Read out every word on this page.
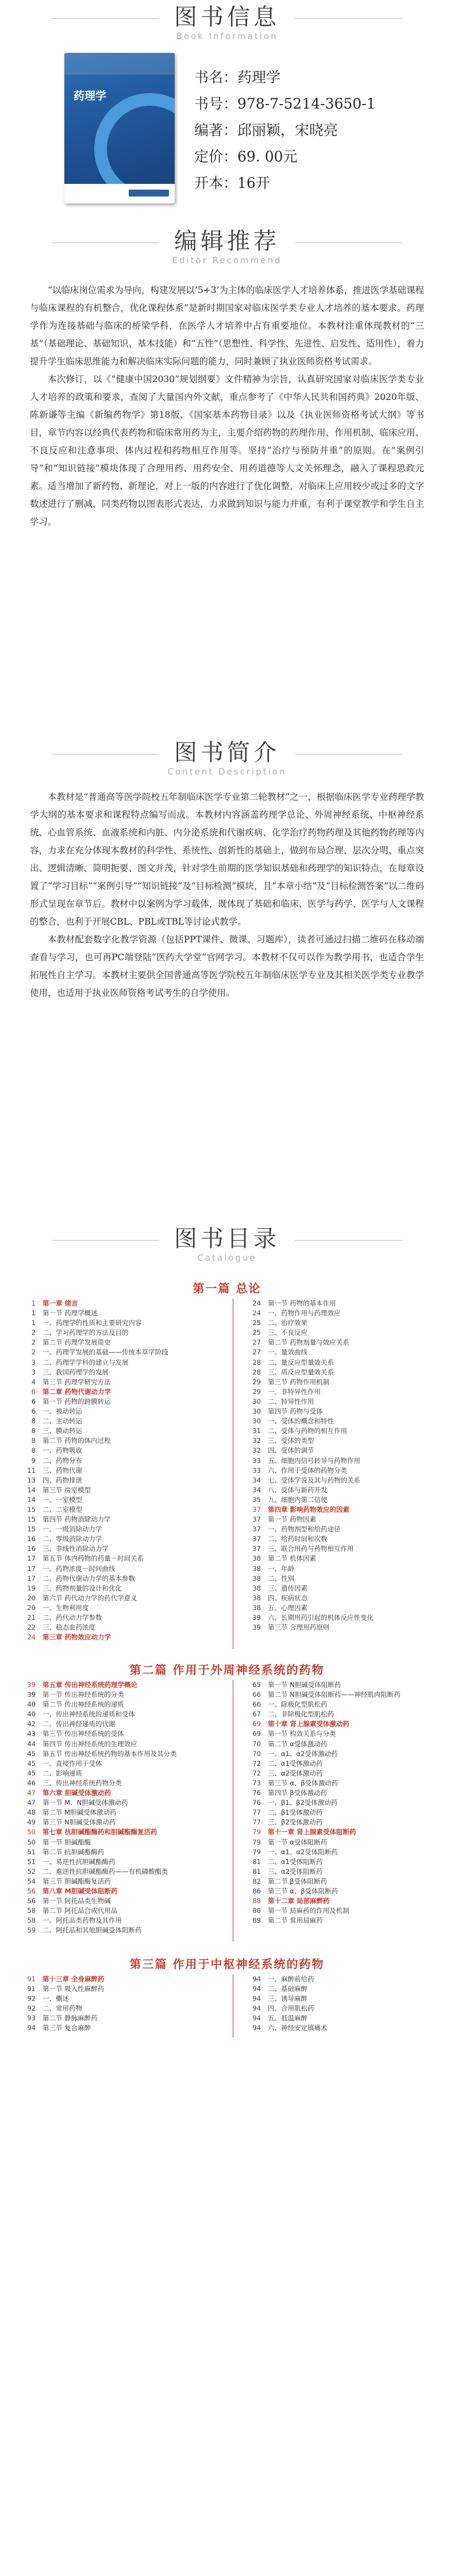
图书信息
Book Information
药理学
书名：药理学
书号：978-7-5214-3650-1
编著：邱丽颖，宋晓亮
定价：69. 00元
开本：16开
编辑推荐
Editor Recommend

“以临床岗位需求为导向，构建发展以‘5+3’为主体的临床医学人才培养体系，推进医学基础课程与临床课程的有机整合，优化课程体系”是新时期国家对临床医学类专业人才培养的基本要求。药理学作为连接基础与临床的桥梁学科，在医学人才培养中占有重要地位。本教材注重体现教材的“三基”（基础理论、基础知识、基本技能）和“五性”（思想性、科学性、先进性、启发性、适用性），着力提升学生临床思维能力和解决临床实际问题的能力，同时兼顾了执业医师资格考试需求。

本次修订，以《“健康中国2030”规划纲要》文件精神为宗旨，认真研究国家对临床医学类专业人才培养的政策和要求，查阅了大量国内外文献，重点参考了《中华人民共和国药典》2020年版、陈新谦等主编《新编药物学》第18版、《国家基本药物目录》以及《执业医师资格考试大纲》等书目，章节内容以经典代表药物和临床常用药为主，主要介绍药物的药理作用、作用机制、临床应用、不良反应和注意事项、体内过程和药物相互作用等。坚持“治疗与预防并重”的原则。在“案例引导”和“知识链接”模块体现了合理用药、用药安全、用药道德等人文关怀理念，融入了课程思政元素。适当增加了新药物、新理论，对上一版的内容进行了优化调整，对临床上应用较少或过多的文字数述进行了删减，同类药物以图表形式表达，力求做到知识与能力并重，有利于课堂教学和学生自主学习。

图书简介
Content Description

本教材是“普通高等医学院校五年制临床医学专业第二轮教材”之一，根据临床医学专业药理学教学大纲的基本要求和课程特点编写而成。本教材内容涵盖药理学总论、外周神经系统、中枢神经系统、心血管系统、血液系统和内脏、内分泌系统和代谢疾病、化学治疗药物药理及其他药物药理等内容，力求在充分体现本教材的科学性、系统性、创新性的基础上，做到布局合理、层次分明、重点突出、逻辑清晰、简明扼要、图文并茂，针对学生前期的医学知识基础和药理学的知识特点，在每章设置了“学习目标”“案例引导”“知识链接”及“目标检测”模块，且“本章小结”及“目标检测答案”以二维码形式呈现在章节后。教材中以案例为学习载体，既体现了基础和临床、医学与药学、医学与人文课程的整合，也利于开展CBL、PBL或TBL等讨论式教学。

本教材配套数字化教学资源（包括PPT课件、微课、习题库），读者可通过扫描二维码在移动端查看与学习，也可再PC端登陆“医药大学堂”官网学习。本教材不仅可以作为教学用书，也适合学生拓展性自主学习。本教材主要供全国普通高等医学院校五年制临床医学专业及其相关医学类专业教学使用，也适用于执业医师资格考试考生的自学使用。

图书目录
Catalogue
第一篇 总论
1 第一章 绪言
1 第一节 药理学概述
1 一、药理学的性质和主要研究内容
2 二、学习药理学的方法及目的
2 第二节 药理学发展简史
2 一、药理学发展的基础——传统本草学阶段
3 二、药理学学科的建立与发展
3 三、我国药理学的发展
4 第三节 药理学研究方法
6 第二章 药物代谢动力学
6 第一节 药物的跨膜转运
6 一、被动转运
8 二、主动转运
8 三、膜动转运
8 第二节 药物的体内过程
8 一、药物吸收
9 二、药物分布
11 三、药物代谢
13 四、药物排泄
14 第三节 房室模型
14 一、一室模型
15 二、二室模型
15 第四节 药物消除动力学
15 一、一级消除动力学
16 二、零级消除动力学
16 三、非线性消除动力学
17 第五节 体内药物的药量－时间关系
17 一、药物浓度－时间曲线
17 二、药物代谢动力学的基本参数
19 三、药物剂量的设计和优化
20 第六节 药代动力学的药代学意义
20 一、生物利用度
21 二、药代动力学参数
22 三、稳态血药浓度
24 第三章 药物效应动力学
24 第一节 药物的基本作用
24 一、药物作用与药理效应
25 二、治疗效果
25 三、不良反应
27 第二节 药物剂量与效应关系
27 一、量效曲线
28 二、量反应型量效关系
28 三、质反应型量效关系
29 第三节 药物作用机制
29 一、非特异性作用
30 二、特异性作用
30 第四节 药物与受体
30 一、受体的概念和特性
31 二、受体与药物的相互作用
32 三、受体的类型
32 四、受体的调节
33 五、细胞内信号转导与药物作用
33 六、作用于受体的药物分类
34 七、受体学说及其与药物的关系
34 八、受体与新药开发
35 九、细胞内第二信使
37 第四章 影响药物效应的因素
37 第一节 药物因素
37 一、药物剂型和给药途径
37 二、给药时间和次数
37 三、联合用药与药物相互作用
38 第二节 机体因素
38 一、年龄
38 二、性别
38 三、遗传因素
38 四、疾病状态
38 五、心理因素
39 六、长期用药引起的机体反应性变化
39 第三节 合理用药原则
第二篇 作用于外周神经系统的药物
39 第五章 传出神经系统药理学概论
39 第一节 传出神经系统的分类
40 第二节 传出神经系统的递质
40 一、传出神经系统的递质和受体
42 二、传出神经递质的代谢
43 第三节 传出神经系统的受体
44 第四节 传出神经系统的生理效应
45 第五节 传出神经系统药物的基本作用及其分类
45 一、直接作用于受体
45 二、影响递质
46 三、传出神经系统药物分类
47 第六章 胆碱受体激动药
47 第一节 M、N胆碱受体激动药
48 第二节 M胆碱受体激动药
49 第三节 N胆碱受体激动药
50 第七章 抗胆碱酯酶药和胆碱酯酶复活药
50 第一节 胆碱酯酶
51 第二节 抗胆碱酯酶药
51 一、易逆性抗胆碱酯酶药
52 二、难逆性抗胆碱酯酶药——有机磷酸酯类
54 第三节 胆碱酯酶复活药
56 第八章 M胆碱受体阻断药
56 第一节 阿托品类生物碱
58 第二节 阿托品合成代用品
58 一、阿托品类药物及其作用
59 二、阿托品和其他胆碱受体阻断药
65 第一节 N胆碱受体阻断药
66 第二节 N胆碱受体阻断药——神经肌肉阻断药
66 一、除极化型肌松药
67 二、非除极化型肌松药
69 第十章 肾上腺素受体激动药
69 第一节 构效关系与分类
70 第二节 α受体激动药
70 一、α1、α2受体激动药
72 二、α1受体激动药
72 三、α2受体激动药
73 第三节 α、β受体激动药
76 第四节 β受体激动药
76 一、β1、β2受体激动药
77 二、β1受体激动药
77 三、β2受体激动药
79 第十一章 肾上腺素受体阻断药
79 第一节 α受体阻断药
79 一、α1、α2受体阻断药
81 二、α1受体阻断药
81 三、α2受体阻断药
82 第二节 β受体阻断药
86 第三节 α、β受体阻断药
88 第十二章 局部麻醉药
88 第一节 局麻药的作用及机制
89 第二节 常用局麻药
第三篇 作用于中枢神经系统的药物
91 第十三章 全身麻醉药
91 第一节 吸入性麻醉药
92 一、概述
92 二、常用药物
93 第二节 静脉麻醉药
94 第三节 复合麻醉
94 一、麻醉前给药
94 二、基础麻醉
94 三、诱导麻醉
94 四、合用肌松药
94 五、低温麻醉
94 六、神经安定镇痛术
